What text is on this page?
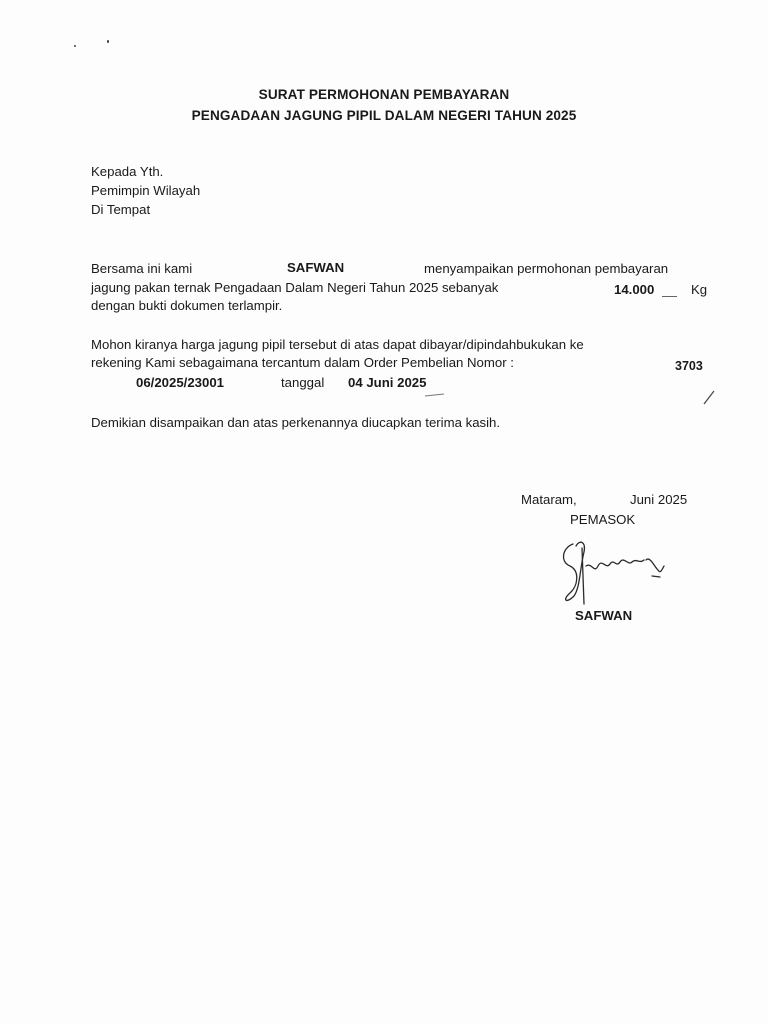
SURAT PERMOHONAN PEMBAYARAN
PENGADAAN JAGUNG PIPIL DALAM NEGERI TAHUN 2025
Kepada Yth.
Pemimpin Wilayah
Di Tempat
Bersama ini kami	SAFWAN	menyampaikan permohonan pembayaran
jagung pakan ternak Pengadaan Dalam Negeri Tahun 2025 sebanyak	14.000	Kg
dengan bukti dokumen terlampir.
Mohon kiranya harga jagung pipil tersebut di atas dapat dibayar/dipindahbukukan ke
rekening Kami sebagaimana tercantum dalam Order Pembelian Nomor :	3703
06/2025/23001	tanggal 04 Juni 2025
Demikian disampaikan dan atas perkenannya diucapkan terima kasih.
Mataram,	Juni 2025
PEMASOK
SAFWAN
